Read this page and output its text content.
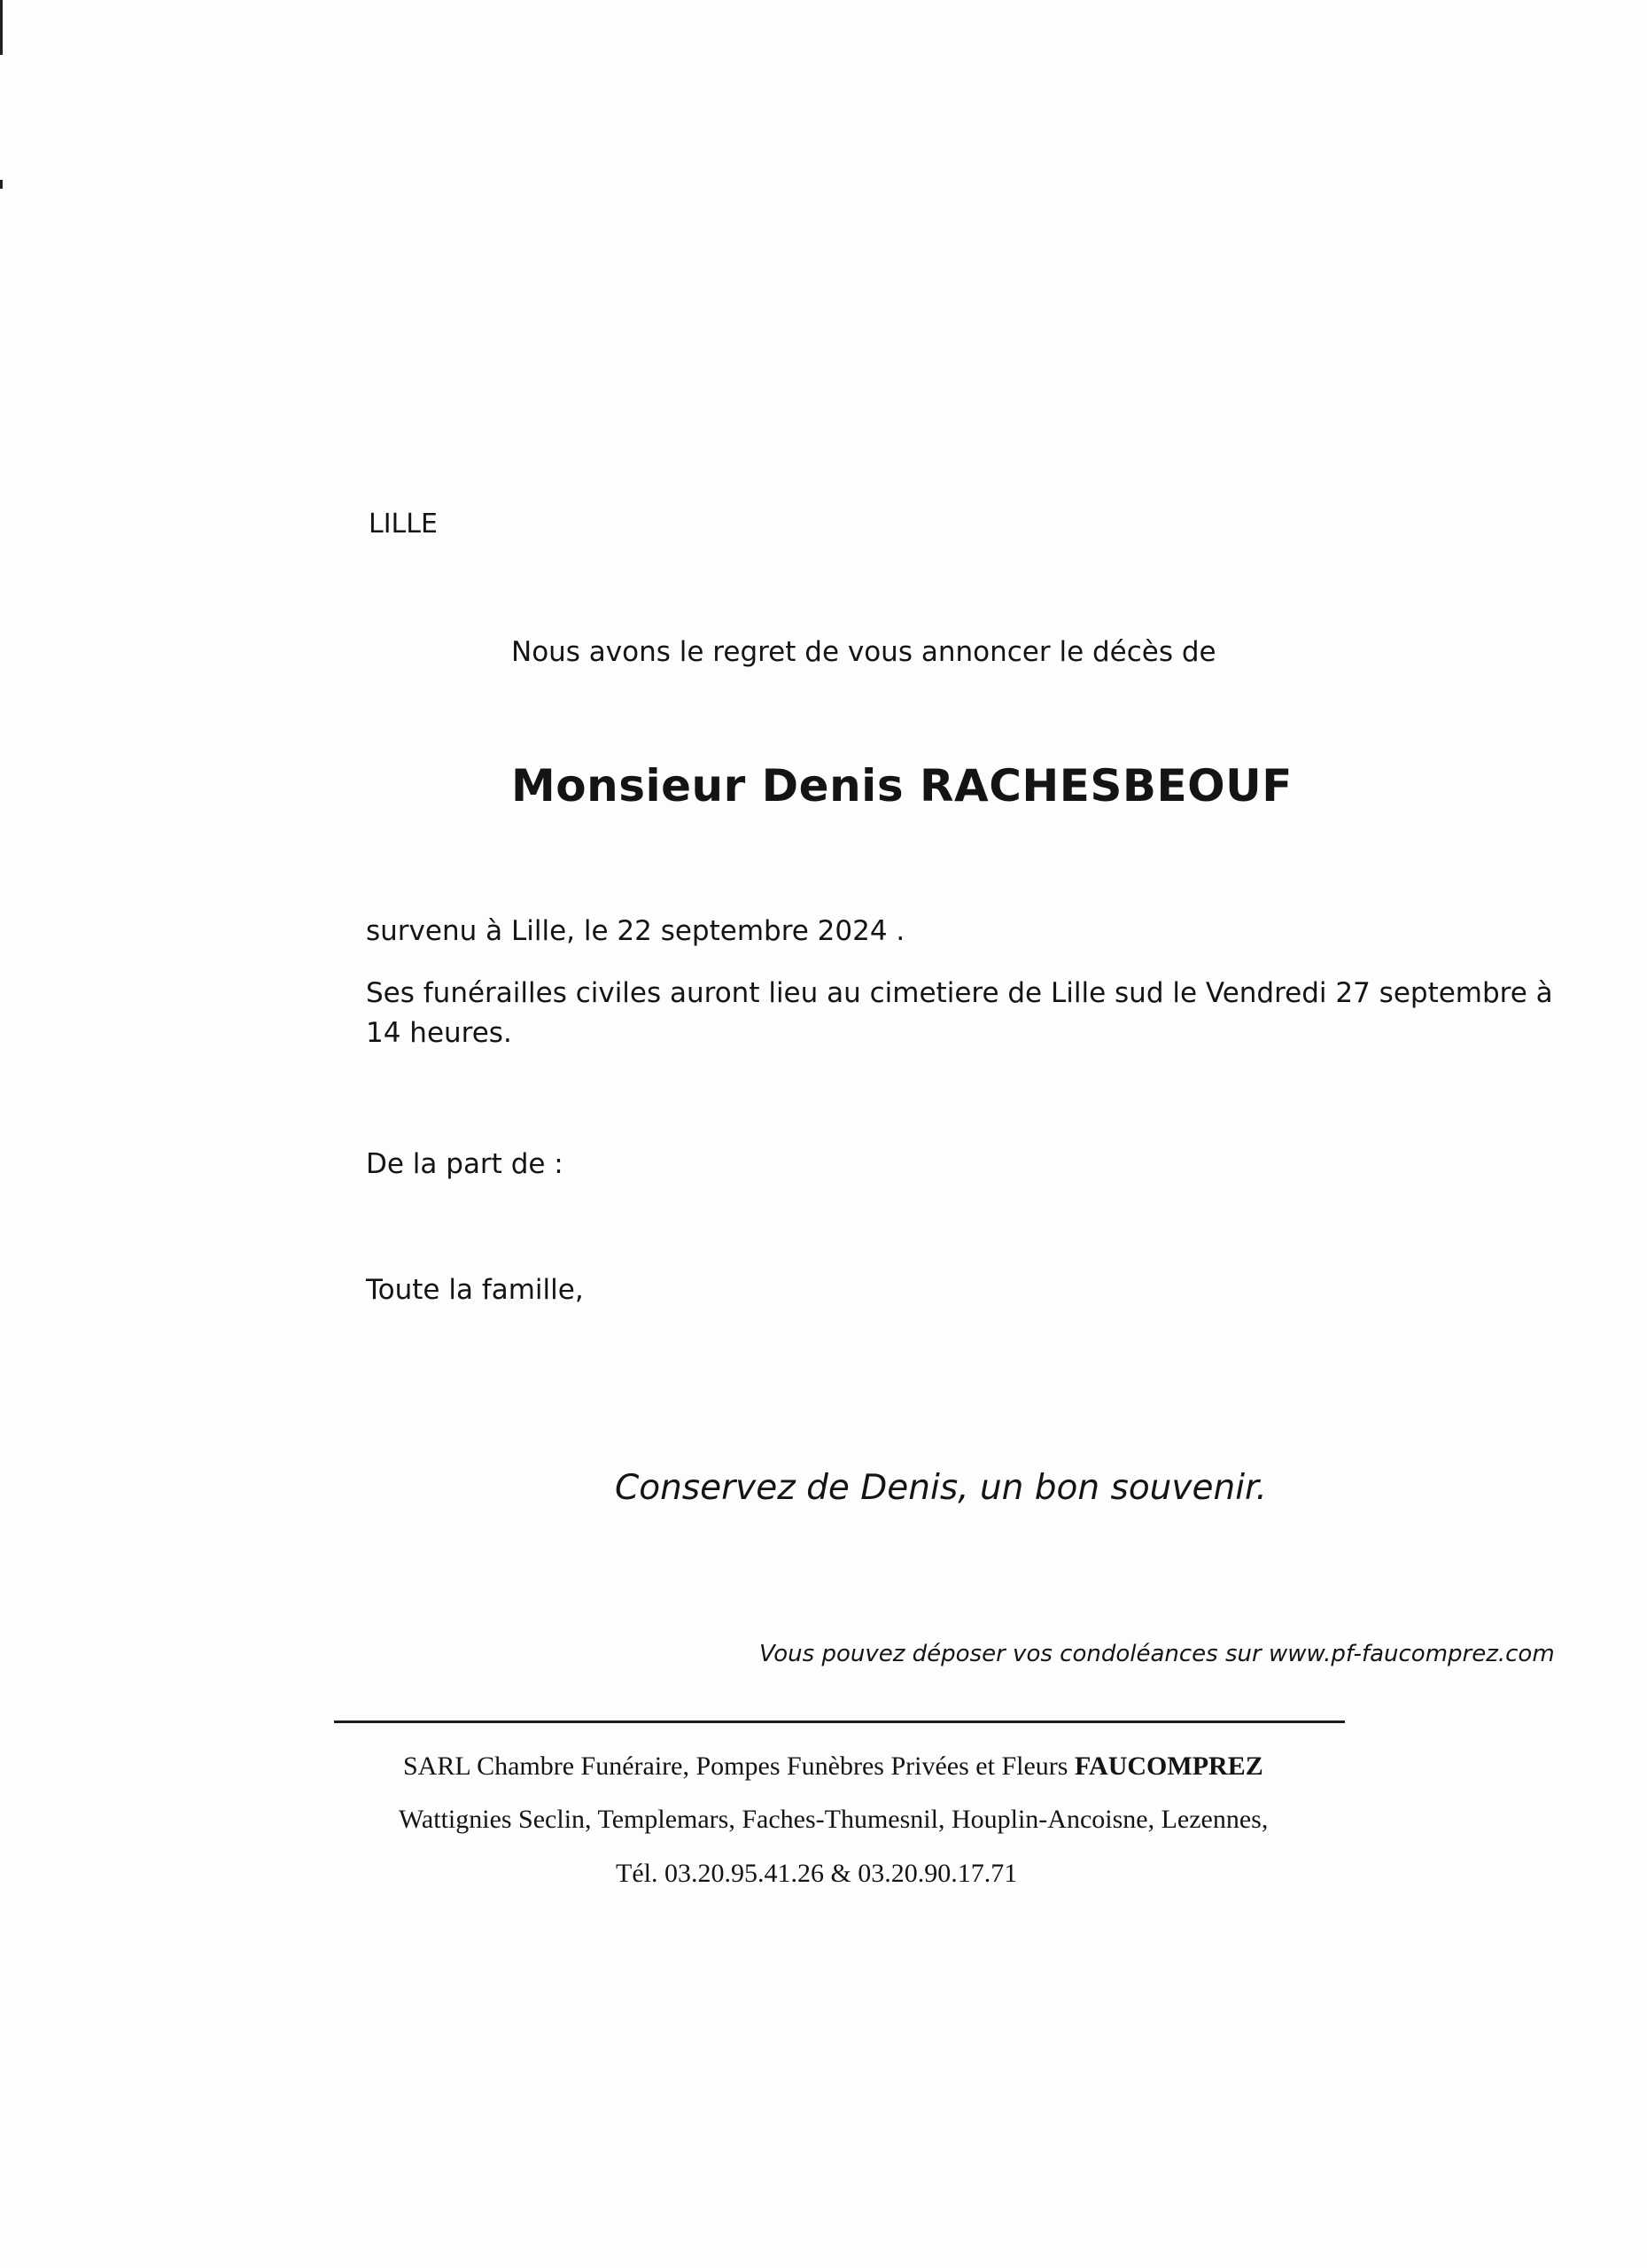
LILLE

Nous avons le regret de vous annoncer le décès de

Monsieur Denis RACHESBEOUF

survenu à Lille, le 22 septembre 2024 .

Ses funérailles civiles auront lieu au cimetiere de Lille sud le Vendredi 27 septembre à

14 heures.

De la part de :

Toute la famille,

Conservez de Denis, un bon souvenir.

Vous pouvez déposer vos condoléances sur www.pf-faucomprez.com

SARL Chambre Funéraire, Pompes Funèbres Privées et Fleurs FAUCOMPREZ

Wattignies Seclin, Templemars, Faches-Thumesnil, Houplin-Ancoisne, Lezennes,

Tél. 03.20.95.41.26 & 03.20.90.17.71
